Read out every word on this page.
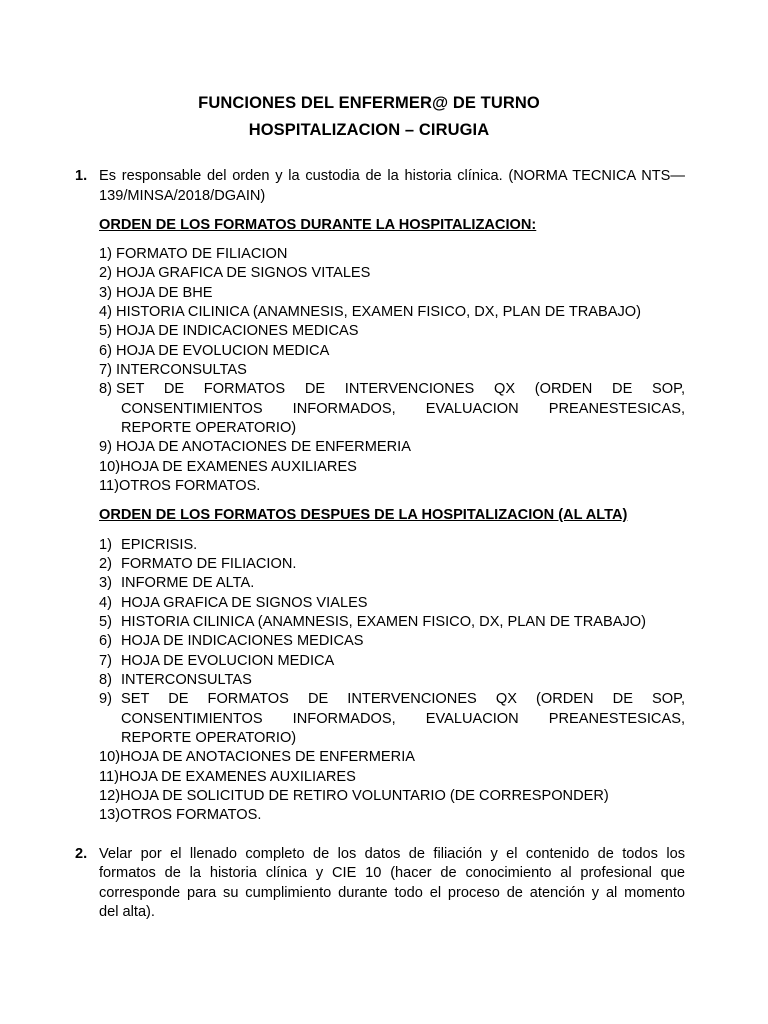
FUNCIONES DEL ENFERMER@ DE TURNO
HOSPITALIZACION – CIRUGIA
1. Es responsable del orden y la custodia de la historia clínica. (NORMA TECNICA NTS—
139/MINSA/2018/DGAIN)
ORDEN DE LOS FORMATOS DURANTE LA HOSPITALIZACION:
1) FORMATO DE FILIACION
2) HOJA GRAFICA DE SIGNOS VITALES
3) HOJA DE BHE
4) HISTORIA CILINICA (ANAMNESIS, EXAMEN FISICO, DX, PLAN DE TRABAJO)
5) HOJA DE INDICACIONES MEDICAS
6) HOJA DE EVOLUCION MEDICA
7) INTERCONSULTAS
8) SET DE FORMATOS DE INTERVENCIONES QX (ORDEN DE SOP,
CONSENTIMIENTOS INFORMADOS, EVALUACION PREANESTESICAS,
REPORTE OPERATORIO)
9) HOJA DE ANOTACIONES DE ENFERMERIA
10)HOJA DE EXAMENES AUXILIARES
11)OTROS FORMATOS.
ORDEN DE LOS FORMATOS DESPUES DE LA HOSPITALIZACION (AL ALTA)
1) EPICRISIS.
2) FORMATO DE FILIACION.
3) INFORME DE ALTA.
4) HOJA GRAFICA DE SIGNOS VIALES
5) HISTORIA CILINICA (ANAMNESIS, EXAMEN FISICO, DX, PLAN DE TRABAJO)
6) HOJA DE INDICACIONES MEDICAS
7) HOJA DE EVOLUCION MEDICA
8) INTERCONSULTAS
9) SET DE FORMATOS DE INTERVENCIONES QX (ORDEN DE SOP,
CONSENTIMIENTOS INFORMADOS, EVALUACION PREANESTESICAS,
REPORTE OPERATORIO)
10)HOJA DE ANOTACIONES DE ENFERMERIA
11)HOJA DE EXAMENES AUXILIARES
12)HOJA DE SOLICITUD DE RETIRO VOLUNTARIO (DE CORRESPONDER)
13)OTROS FORMATOS.
2. Velar por el llenado completo de los datos de filiación y el contenido de todos los
formatos de la historia clínica y CIE 10 (hacer de conocimiento al profesional que
corresponde para su cumplimiento durante todo el proceso de atención y al momento
del alta).
